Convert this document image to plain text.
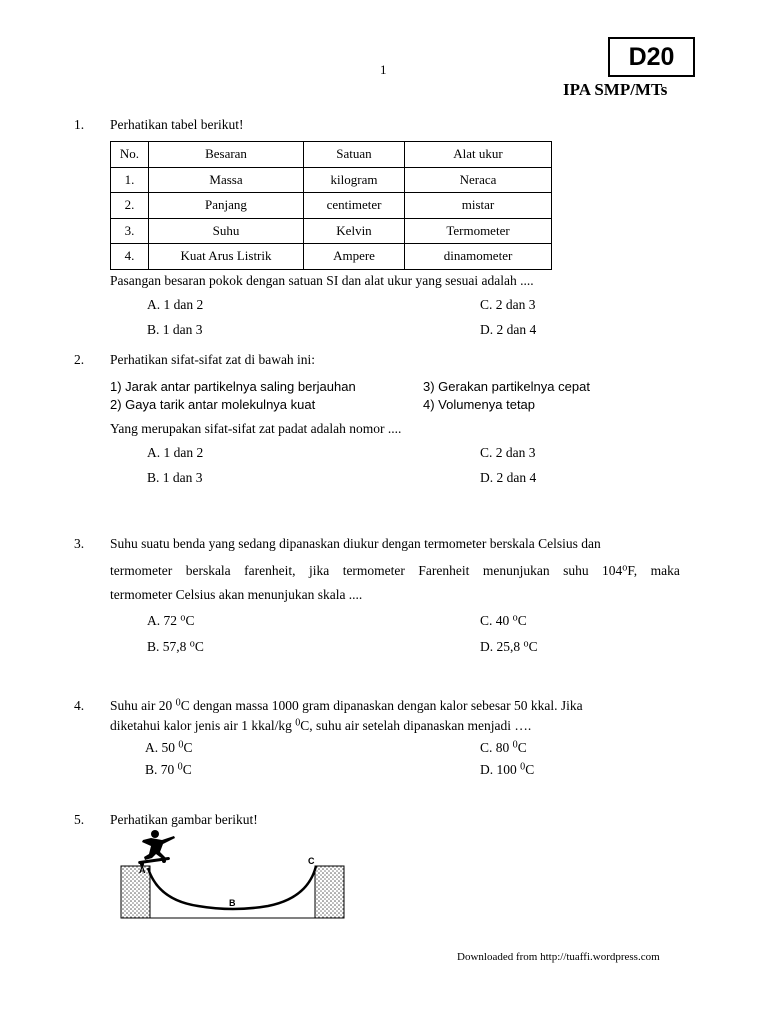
1	D20
IPA SMP/MTs
1. Perhatikan tabel berikut!
No.	Besaran	Satuan	Alat ukur
1.	Massa	kilogram	Neraca
2.	Panjang	centimeter	mistar
3.	Suhu	Kelvin	Termometer
4.	Kuat Arus Listrik	Ampere	dinamometer
Pasangan besaran pokok dengan satuan SI dan alat ukur yang sesuai adalah ....
A. 1 dan 2	C. 2 dan 3
B. 1 dan 3	D. 2 dan 4
2. Perhatikan sifat-sifat zat di bawah ini:
1) Jarak antar partikelnya saling berjauhan	3) Gerakan partikelnya cepat
2) Gaya tarik antar molekulnya kuat	4) Volumenya tetap
Yang merupakan sifat-sifat zat padat adalah nomor ....
A. 1 dan 2	C. 2 dan 3
B. 1 dan 3	D. 2 dan 4
3. Suhu suatu benda yang sedang dipanaskan diukur dengan termometer berskala Celsius dan
termometer berskala farenheit, jika termometer Farenheit menunjukan suhu 104$^o$F, maka
termometer Celsius akan menunjukan skala ....
A. 72 $^o$C	C. 40 $^o$C
B. 57,8 $^o$C	D. 25,8 $^o$C
4. Suhu air 20 $^0$C dengan massa 1000 gram dipanaskan dengan kalor sebesar 50 kkal. Jika
diketahui kalor jenis air 1 kkal/kg $^0$C, suhu air setelah dipanaskan menjadi ….
A. 50 $^0$C	C. 80 $^0$C
B. 70 $^0$C	D. 100 $^0$C
5. Perhatikan gambar berikut!
A
B
C
Downloaded from http://tuaffi.wordpress.com
